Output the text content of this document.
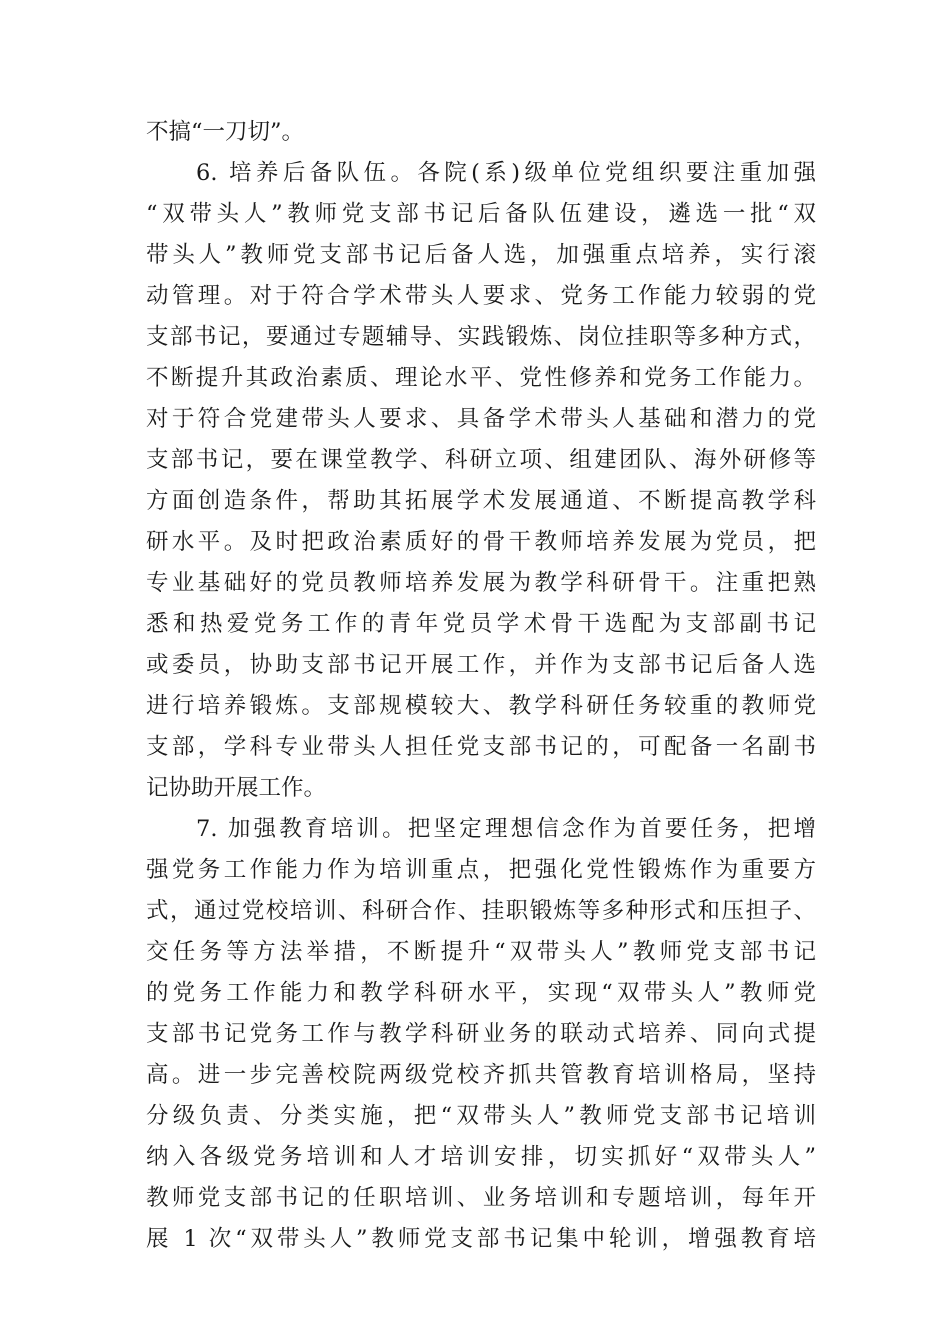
不搞“一刀切”。
6. 培养后备队伍。各院(系)级单位党组织要注重加强
“双带头人”教师党支部书记后备队伍建设，遴选一批“双
带头人”教师党支部书记后备人选，加强重点培养，实行滚
动管理。对于符合学术带头人要求、党务工作能力较弱的党
支部书记，要通过专题辅导、实践锻炼、岗位挂职等多种方式，
不断提升其政治素质、理论水平、党性修养和党务工作能力。
对于符合党建带头人要求、具备学术带头人基础和潜力的党
支部书记，要在课堂教学、科研立项、组建团队、海外研修等
方面创造条件，帮助其拓展学术发展通道、不断提高教学科
研水平。及时把政治素质好的骨干教师培养发展为党员，把
专业基础好的党员教师培养发展为教学科研骨干。注重把熟
悉和热爱党务工作的青年党员学术骨干选配为支部副书记
或委员，协助支部书记开展工作，并作为支部书记后备人选
进行培养锻炼。支部规模较大、教学科研任务较重的教师党
支部，学科专业带头人担任党支部书记的，可配备一名副书
记协助开展工作。
7. 加强教育培训。把坚定理想信念作为首要任务，把增
强党务工作能力作为培训重点，把强化党性锻炼作为重要方
式，通过党校培训、科研合作、挂职锻炼等多种形式和压担子、
交任务等方法举措，不断提升“双带头人”教师党支部书记
的党务工作能力和教学科研水平，实现“双带头人”教师党
支部书记党务工作与教学科研业务的联动式培养、同向式提
高。进一步完善校院两级党校齐抓共管教育培训格局，坚持
分级负责、分类实施，把“双带头人”教师党支部书记培训
纳入各级党务培训和人才培训安排，切实抓好“双带头人”
教师党支部书记的任职培训、业务培训和专题培训，每年开
展 1 次“双带头人”教师党支部书记集中轮训，增强教育培
